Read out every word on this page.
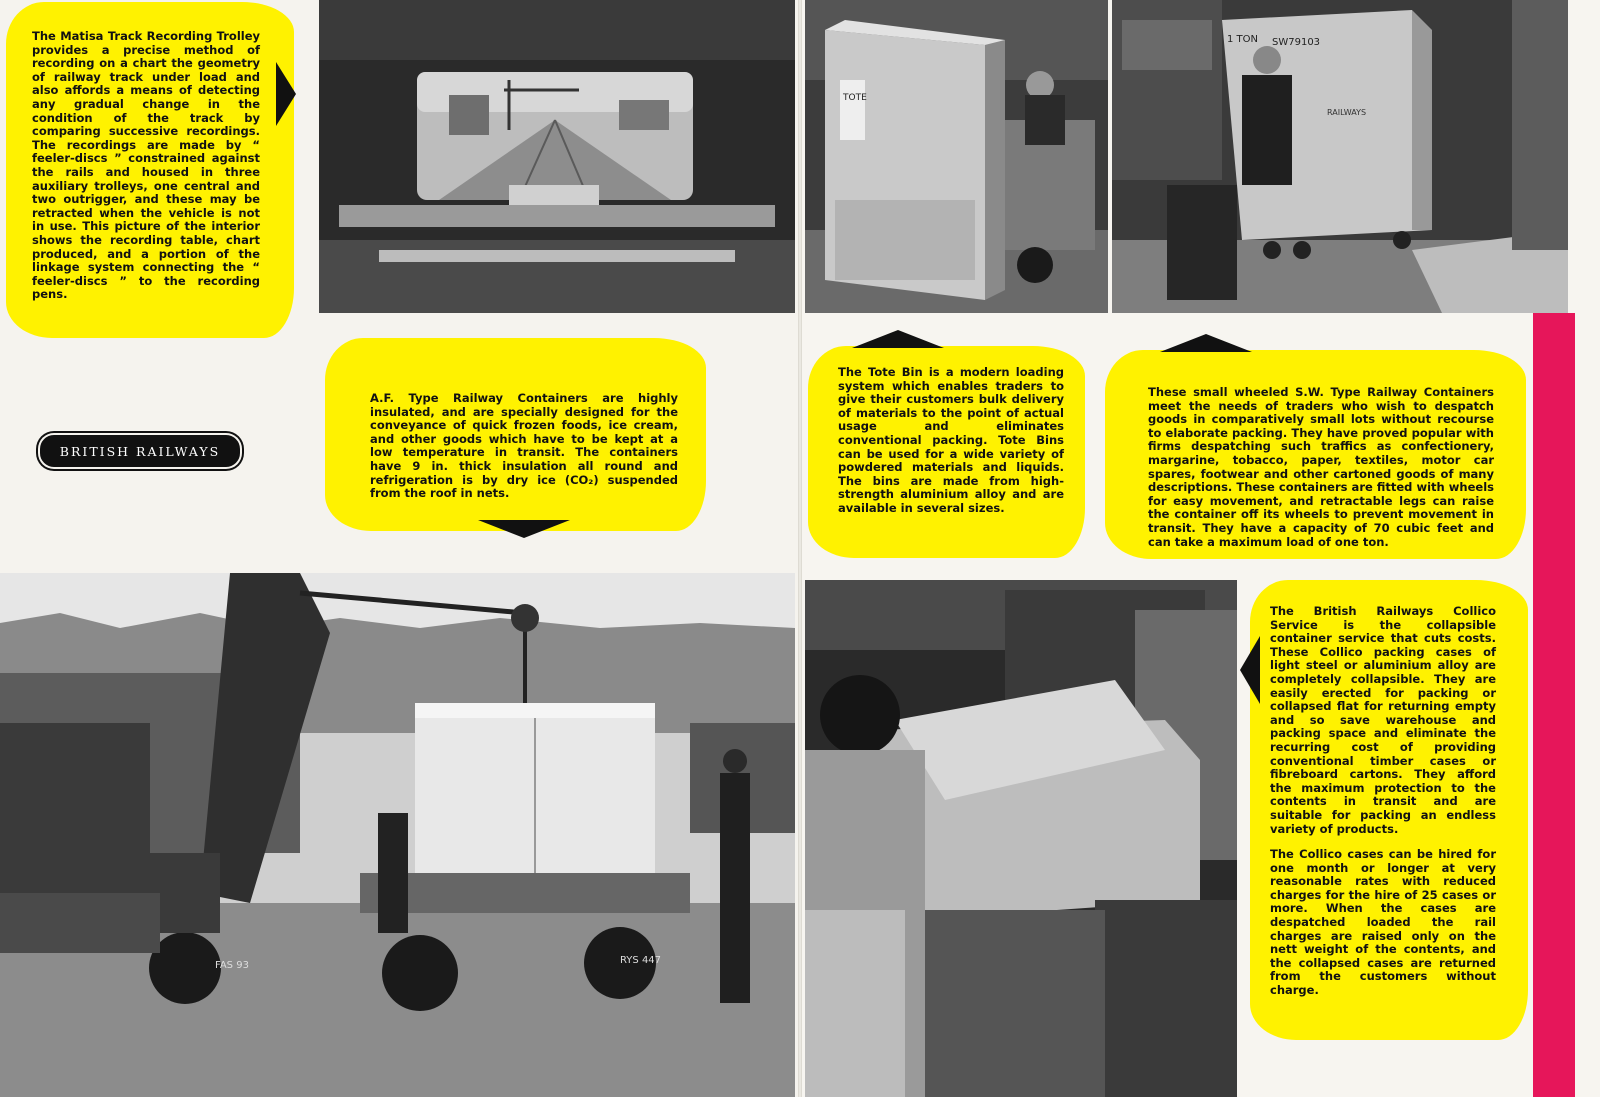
TOTE
1 TON SW79103
RAILWAYS
RYS 447
FAS 93
BRITISH RAILWAYS
The Matisa Track Recording Trolley provides a precise method of recording on a chart the geometry of railway track under load and also affords a means of detecting any gradual change in the condition of the track by comparing successive recordings. The recordings are made by “ feeler-discs ” constrained against the rails and housed in three auxiliary trolleys, one central and two outrigger, and these may be retracted when the vehicle is not in use. This picture of the interior shows the recording table, chart produced, and a portion of the linkage system connecting the “ feeler-discs ” to the recording pens.
A.F. Type Railway Containers are highly insulated, and are specially designed for the conveyance of quick frozen foods, ice cream, and other goods which have to be kept at a low temperature in transit. The containers have 9 in. thick insulation all round and refrigeration is by dry ice (CO₂) suspended from the roof in nets.
The Tote Bin is a modern loading system which enables traders to give their customers bulk delivery of materials to the point of actual usage and eliminates conventional packing. Tote Bins can be used for a wide variety of powdered materials and liquids. The bins are made from high-strength aluminium alloy and are available in several sizes.
These small wheeled S.W. Type Railway Containers meet the needs of traders who wish to despatch goods in comparatively small lots without recourse to elaborate packing. They have proved popular with firms despatching such traffics as confectionery, margarine, tobacco, paper, textiles, motor car spares, footwear and other cartoned goods of many descriptions. These containers are fitted with wheels for easy movement, and retractable legs can raise the container off its wheels to prevent movement in transit. They have a capacity of 70 cubic feet and can take a maximum load of one ton.
The British Railways Collico Service is the collapsible container service that cuts costs. These Collico packing cases of light steel or aluminium alloy are completely collapsible. They are easily erected for packing or collapsed flat for returning empty and so save warehouse and packing space and eliminate the recurring cost of providing conventional timber cases or fibreboard cartons. They afford the maximum protection to the contents in transit and are suitable for packing an endless variety of products.
The Collico cases can be hired for one month or longer at very reasonable rates with reduced charges for the hire of 25 cases or more. When the cases are despatched loaded the rail charges are raised only on the nett weight of the contents, and the collapsed cases are returned from the customers without charge.
